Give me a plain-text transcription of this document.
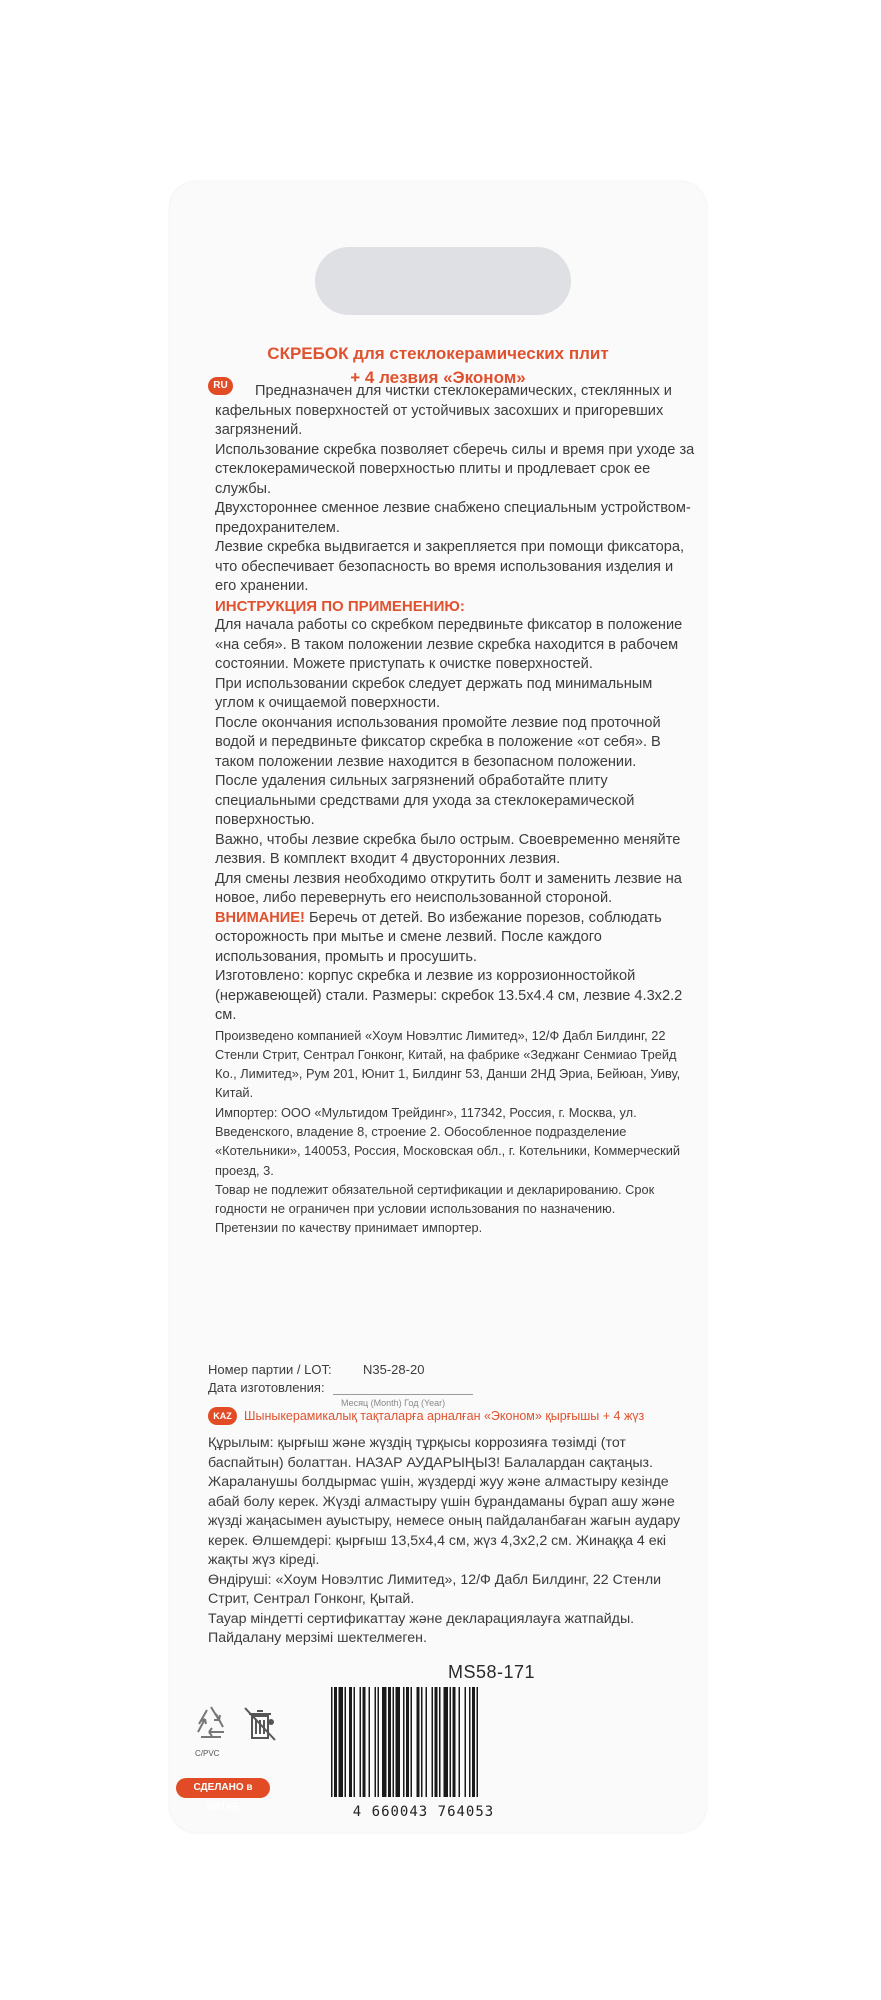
СКРЕБОК для стеклокерамических плит
+ 4 лезвия «Эконом»
RU	Предназначен для чистки стеклокерамических, стеклянных и кафельных поверхностей от устойчивых засохших и пригоревших загрязнений.

Использование скребка позволяет сберечь силы и время при уходе за стеклокерамической поверхностью плиты и продлевает срок ее службы.

Двухстороннее сменное лезвие снабжено специальным устройством-предохранителем.

Лезвие скребка выдвигается и закрепляется при помощи фиксатора, что обеспечивает безопасность во время использования изделия и его хранении.

ИНСТРУКЦИЯ ПО ПРИМЕНЕНИЮ:

Для начала работы со скребком передвиньте фиксатор в положение «на себя». В таком положении лезвие скребка находится в рабочем состоянии. Можете приступать к очистке поверхностей.

При использовании скребок следует держать под минимальным углом к очищаемой поверхности.

После окончания использования промойте лезвие под проточной водой и передвиньте фиксатор скребка в положение «от себя». В таком положении лезвие находится в безопасном положении.

После удаления сильных загрязнений обработайте плиту специальными средствами для ухода за стеклокерамической поверхностью.

Важно, чтобы лезвие скребка было острым. Своевременно меняйте лезвия. В комплект входит 4 двусторонних лезвия.

Для смены лезвия необходимо открутить болт и заменить лезвие на новое, либо перевернуть его неиспользованной стороной.

ВНИМАНИЕ! Беречь от детей. Во избежание порезов, соблюдать осторожность при мытье и смене лезвий. После каждого использования, промыть и просушить.

Изготовлено: корпус скребка и лезвие из коррозионностойкой (нержавеющей) стали. Размеры: скребок 13.5x4.4 см, лезвие 4.3x2.2 см.

Произведено компанией «Хоум Новэлтис Лимитед», 12/Ф Дабл Билдинг, 22 Стенли Стрит, Сентрал Гонконг, Китай, на фабрике «Зеджанг Сенмиао Трейд Ко., Лимитед», Рум 201, Юнит 1, Билдинг 53, Данши 2НД Эриа, Бейюан, Уиву, Китай.

Импортер: ООО «Мультидом Трейдинг», 117342, Россия, г. Москва, ул. Введенского, владение 8, строение 2. Обособленное подразделение «Котельники», 140053, Россия, Московская обл., г. Котельники, Коммерческий проезд, 3.

Товар не подлежит обязательной сертификации и декларированию. Срок годности не ограничен при условии использования по назначению.

Претензии по качеству принимает импортер.

Номер партии / LOT: N35-28-20
Дата изготовления:
Месяц (Month) Год (Year)
KAZ Шыныкерамикалық тақталарға арналған «Эконом» қырғышы + 4 жүз

Құрылым: қырғыш және жүздің тұрқысы коррозияға төзімді (тот баспайтын) болаттан. НАЗАР АУДАРЫҢЫЗ! Балалардан сақтаңыз. Жараланушы болдырмас үшін, жүздерді жуу және алмастыру кезінде абай болу керек. Жүзді алмастыру үшін бұрандаманы бұрап ашу және жүзді жаңасымен ауыстыру, немесе оның пайдаланбаған жағын аудару керек. Өлшемдері: қырғыш 13,5x4,4 см, жүз 4,3x2,2 см. Жинаққа 4 екі жақты жүз кіреді.

Өндіруші: «Хоум Новэлтис Лимитед», 12/Ф Дабл Билдинг, 22 Стенли Стрит, Сентрал Гонконг, Қытай.

Тауар міндетті сертификаттау және декларациялауға жатпайды. Пайдалану мерзімі шектелмеген.

MS58-171
C/PVC
СДЕЛАНО в КИТАЕ	4 660043 764053
